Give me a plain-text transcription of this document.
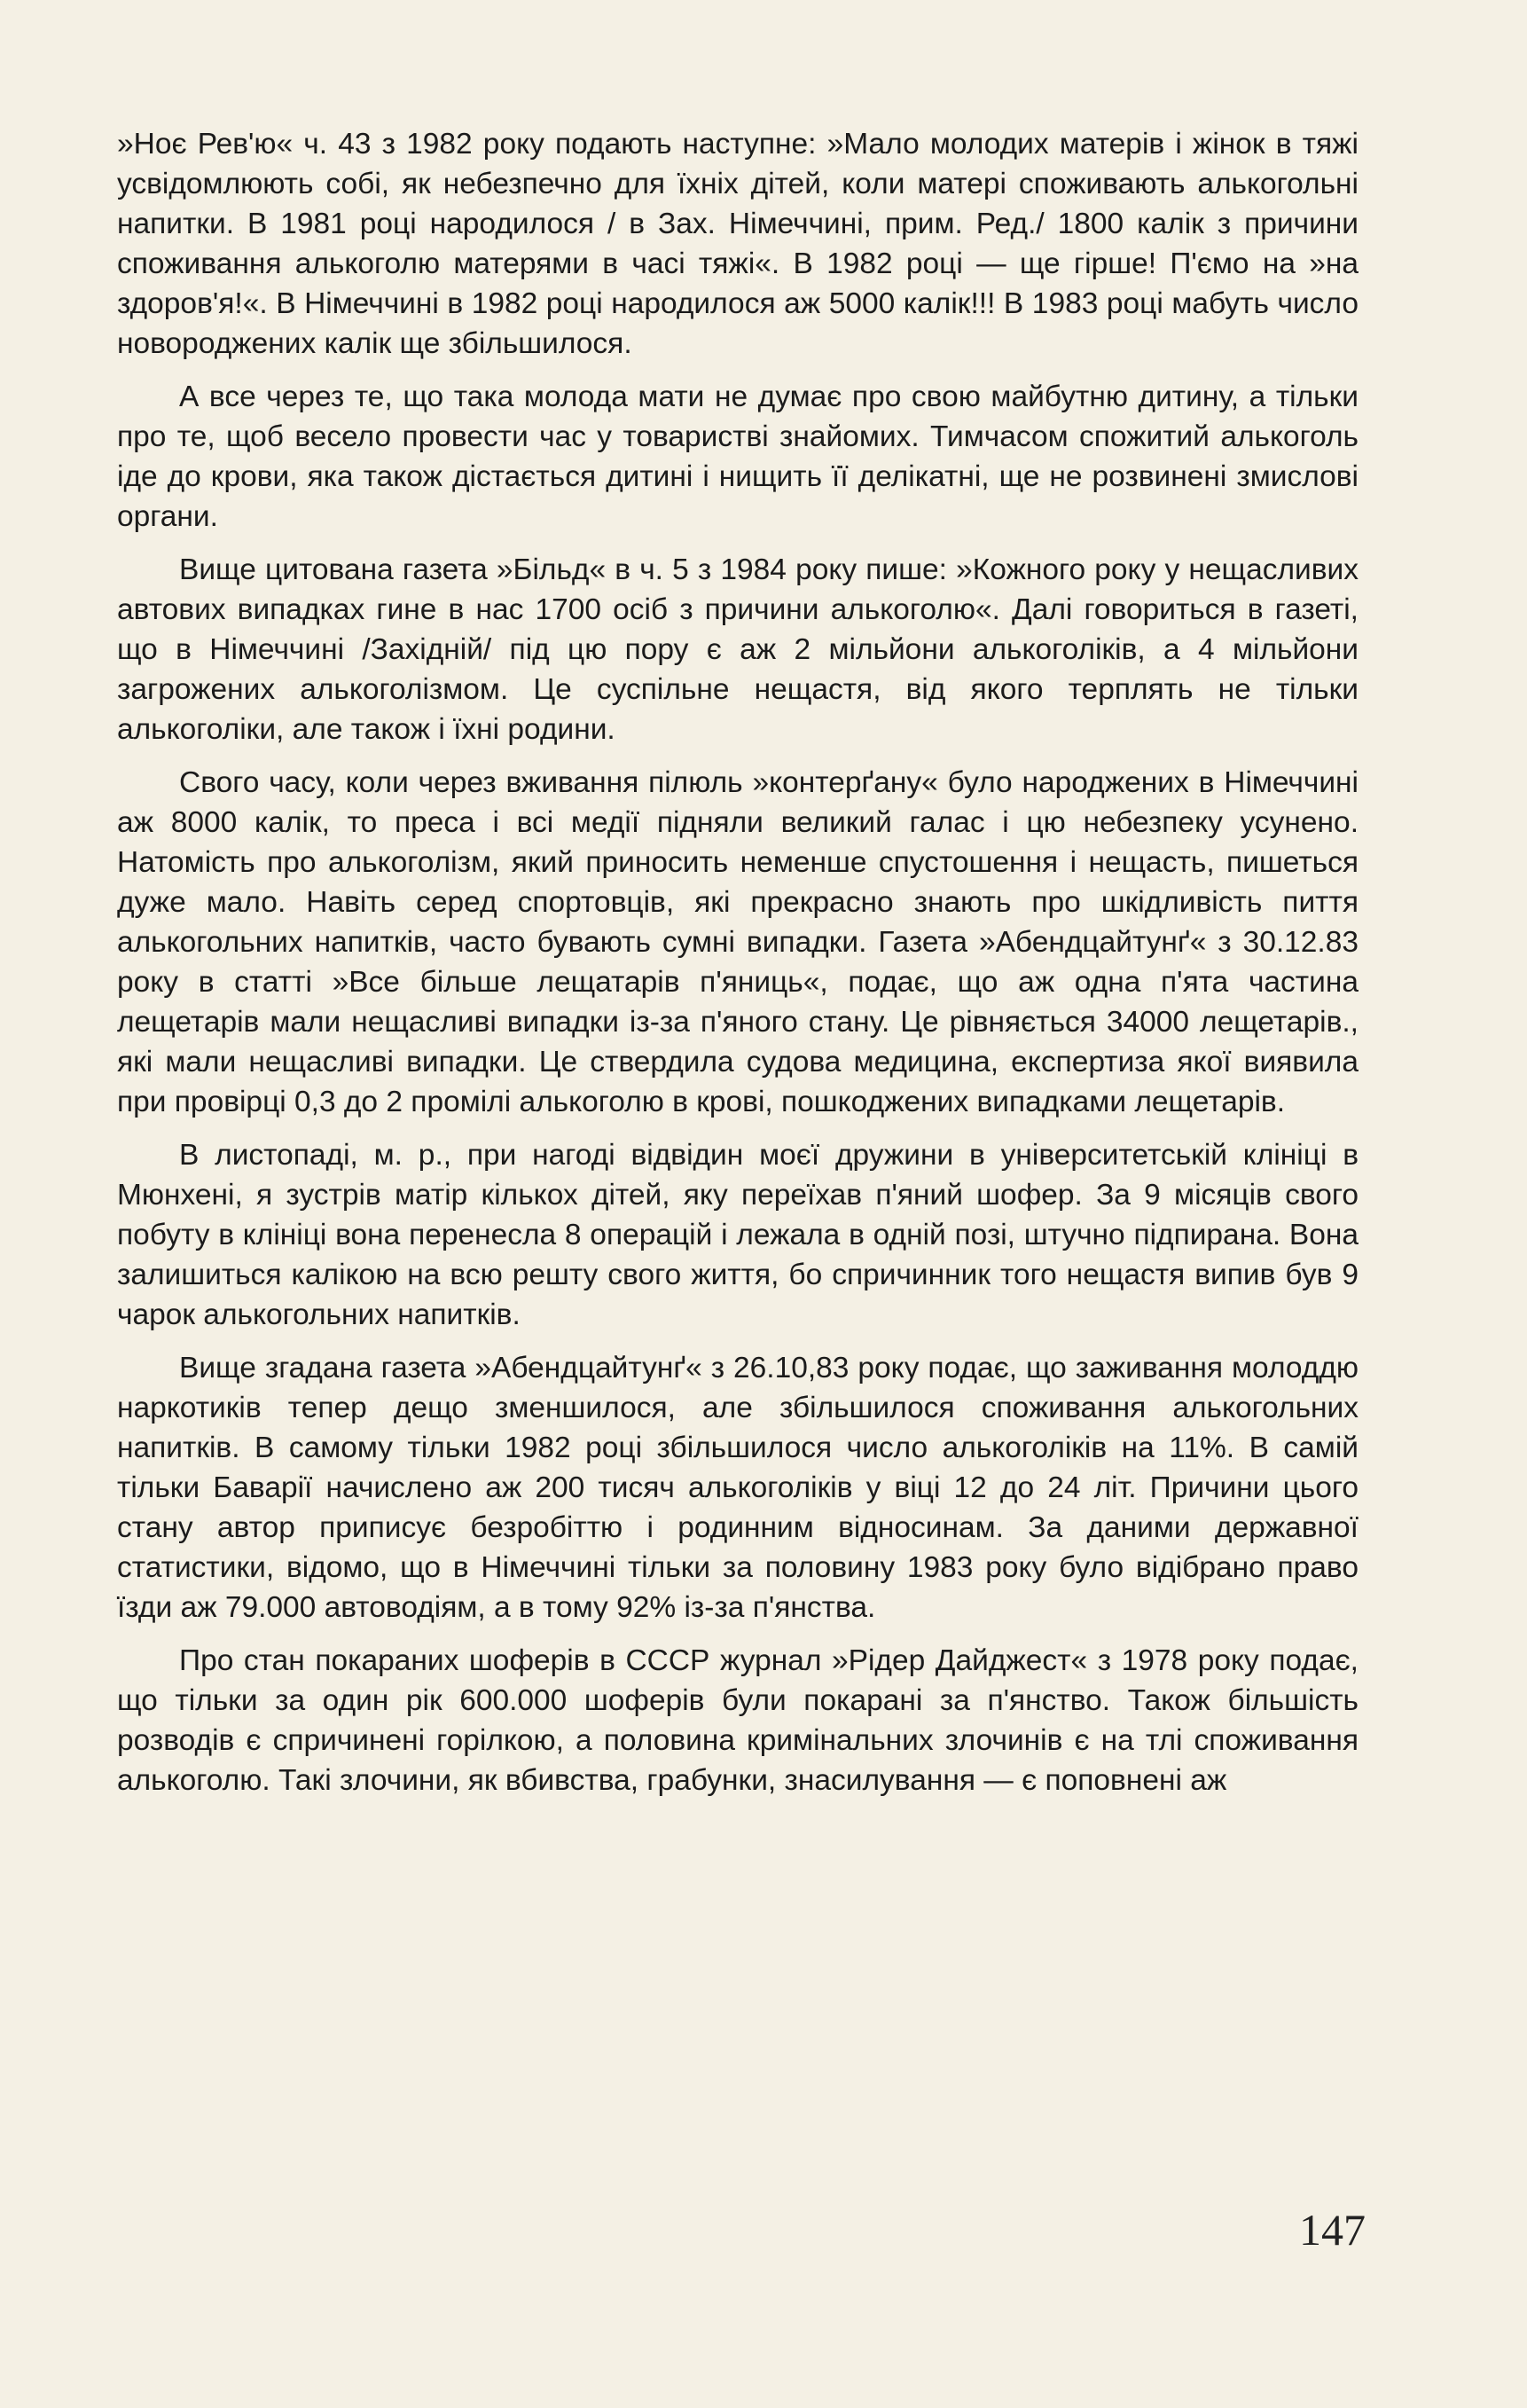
»Ноє Рев'ю« ч. 43 з 1982 року подають наступне: »Мало молодих матерів і жінок в тяжі усвідомлюють собі, як небезпечно для їхніх дітей, коли матері споживають алькогольні напитки. В 1981 році народилося / в Зах. Німеччині, прим. Ред./ 1800 калік з причини споживання алькоголю матерями в часі тяжі«. В 1982 році — ще гірше! П'ємо на »на здоров'я!«. В Німеччині в 1982 році народилося аж 5000 калік!!! В 1983 році мабуть число новороджених калік ще збільшилося.

А все через те, що така молода мати не думає про свою майбутню дитину, а тільки про те, щоб весело провести час у товаристві знайомих. Тимчасом спожитий алькоголь іде до крови, яка також дістається дитині і нищить її делікатні, ще не розвинені змислові органи.

Вище цитована газета »Більд« в ч. 5 з 1984 року пише: »Кожного року у нещасливих автових випадках гине в нас 1700 осіб з причини алькоголю«. Далі говориться в газеті, що в Німеччині /Західній/ під цю пору є аж 2 мільйони алькоголіків, а 4 мільйони загрожених алькоголізмом. Це суспільне нещастя, від якого терплять не тільки алькоголіки, але також і їхні родини.

Свого часу, коли через вживання пілюль »контерґану« було народжених в Німеччині аж 8000 калік, то преса і всі медії підняли великий галас і цю небезпеку усунено. Натомість про алькоголізм, який приносить неменше спустошення і нещасть, пишеться дуже мало. Навіть серед спортовців, які прекрасно знають про шкідливість пиття алькогольних напитків, часто бувають сумні випадки. Газета »Абендцайтунґ« з 30.12.83 року в статті »Все більше лещатарів п'яниць«, подає, що аж одна п'ята частина лещетарів мали нещасливі випадки із-за п'яного стану. Це рівняється 34000 лещетарів., які мали нещасливі випадки. Це ствердила судова медицина, експертиза якої виявила при провірці 0,3 до 2 промілі алькоголю в крові, пошкоджених випадками лещетарів.

В листопаді, м. р., при нагоді відвідин моєї дружини в університетській клініці в Мюнхені, я зустрів матір кількох дітей, яку переїхав п'яний шофер. За 9 місяців свого побуту в клініці вона перенесла 8 операцій і лежала в одній позі, штучно підпирана. Вона залишиться калікою на всю решту свого життя, бо спричинник того нещастя випив був 9 чарок алькогольних напитків.

Вище згадана газета »Абендцайтунґ« з 26.10,83 року подає, що заживання молоддю наркотиків тепер дещо зменшилося, але збільшилося споживання алькогольних напитків. В самому тільки 1982 році збільшилося число алькоголіків на 11%. В самій тільки Баварії начислено аж 200 тисяч алькоголіків у віці 12 до 24 літ. Причини цього стану автор приписує безробіттю і родинним відносинам. За даними державної статистики, відомо, що в Німеччині тільки за половину 1983 року було відібрано право їзди аж 79.000 автоводіям, а в тому 92% із-за п'янства.

Про стан покараних шоферів в СССР журнал »Рідер Дайджест« з 1978 року подає, що тільки за один рік 600.000 шоферів були покарані за п'янство. Також більшість розводів є спричинені горілкою, а половина кримінальних злочинів є на тлі споживання алькоголю. Такі злочини, як вбивства, грабунки, знасилування — є поповнені аж

147
